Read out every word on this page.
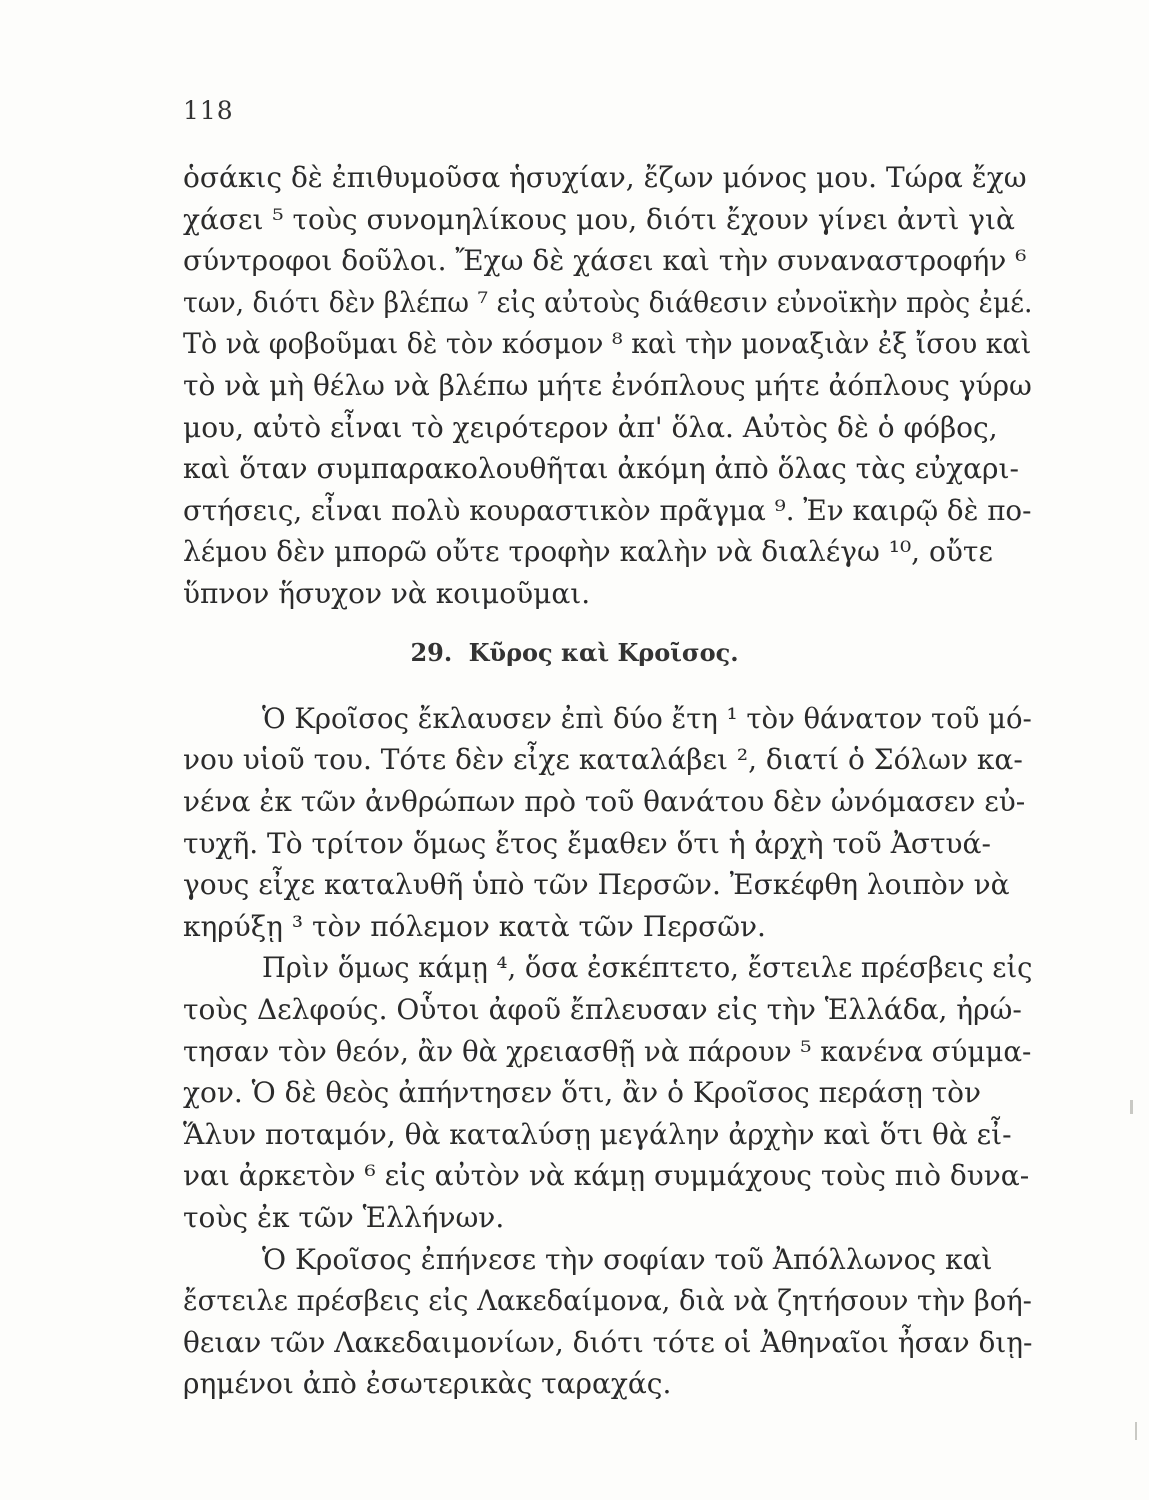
118
ὁσάκις δὲ ἐπιθυμοῦσα ἡσυχίαν, ἔζων μόνος μου. Τώρα ἔχω
χάσει ⁵ τοὺς συνομηλίκους μου, διότι ἔχουν γίνει ἀντὶ γιὰ
σύντροφοι δοῦλοι. Ἔχω δὲ χάσει καὶ τὴν συναναστροφήν ⁶
των, διότι δὲν βλέπω ⁷ εἰς αὐτοὺς διάθεσιν εὐνοϊκὴν πρὸς ἐμέ.
Τὸ νὰ φοβοῦμαι δὲ τὸν κόσμον ⁸ καὶ τὴν μοναξιὰν ἐξ ἴσου καὶ
τὸ νὰ μὴ θέλω νὰ βλέπω μήτε ἐνόπλους μήτε ἀόπλους γύρω
μου, αὐτὸ εἶναι τὸ χειρότερον ἀπ' ὅλα. Αὐτὸς δὲ ὁ φόβος,
καὶ ὅταν συμπαρακολουθῆται ἀκόμη ἀπὸ ὅλας τὰς εὐχαρι-
στήσεις, εἶναι πολὺ κουραστικὸν πρᾶγμα ⁹. Ἐν καιρῷ δὲ πο-
λέμου δὲν μπορῶ οὔτε τροφὴν καλὴν νὰ διαλέγω ¹⁰, οὔτε
ὕπνον ἥσυχον νὰ κοιμοῦμαι.
29. Κῦρος καὶ Κροῖσος.
Ὁ Κροῖσος ἔκλαυσεν ἐπὶ δύο ἔτη ¹ τὸν θάνατον τοῦ μό-
νου υἱοῦ του. Τότε δὲν εἶχε καταλάβει ², διατί ὁ Σόλων κα-
νένα ἐκ τῶν ἀνθρώπων πρὸ τοῦ θανάτου δὲν ὠνόμασεν εὐ-
τυχῆ. Τὸ τρίτον ὅμως ἔτος ἔμαθεν ὅτι ἡ ἀρχὴ τοῦ Ἀστυά-
γους εἶχε καταλυθῆ ὑπὸ τῶν Περσῶν. Ἐσκέφθη λοιπὸν νὰ
κηρύξῃ ³ τὸν πόλεμον κατὰ τῶν Περσῶν.
Πρὶν ὅμως κάμῃ ⁴, ὅσα ἐσκέπτετο, ἔστειλε πρέσβεις εἰς
τοὺς Δελφούς. Οὗτοι ἀφοῦ ἔπλευσαν εἰς τὴν Ἑλλάδα, ἠρώ-
τησαν τὸν θεόν, ἂν θὰ χρειασθῇ νὰ πάρουν ⁵ κανένα σύμμα-
χον. Ὁ δὲ θεὸς ἀπήντησεν ὅτι, ἂν ὁ Κροῖσος περάσῃ τὸν
Ἅλυν ποταμόν, θὰ καταλύσῃ μεγάλην ἀρχὴν καὶ ὅτι θὰ εἶ-
ναι ἀρκετὸν ⁶ εἰς αὐτὸν νὰ κάμῃ συμμάχους τοὺς πιὸ δυνα-
τοὺς ἐκ τῶν Ἑλλήνων.
Ὁ Κροῖσος ἐπήνεσε τὴν σοφίαν τοῦ Ἀπόλλωνος καὶ
ἔστειλε πρέσβεις εἰς Λακεδαίμονα, διὰ νὰ ζητήσουν τὴν βοή-
θειαν τῶν Λακεδαιμονίων, διότι τότε οἱ Ἀθηναῖοι ἦσαν διῃ-
ρημένοι ἀπὸ ἐσωτερικὰς ταραχάς.
